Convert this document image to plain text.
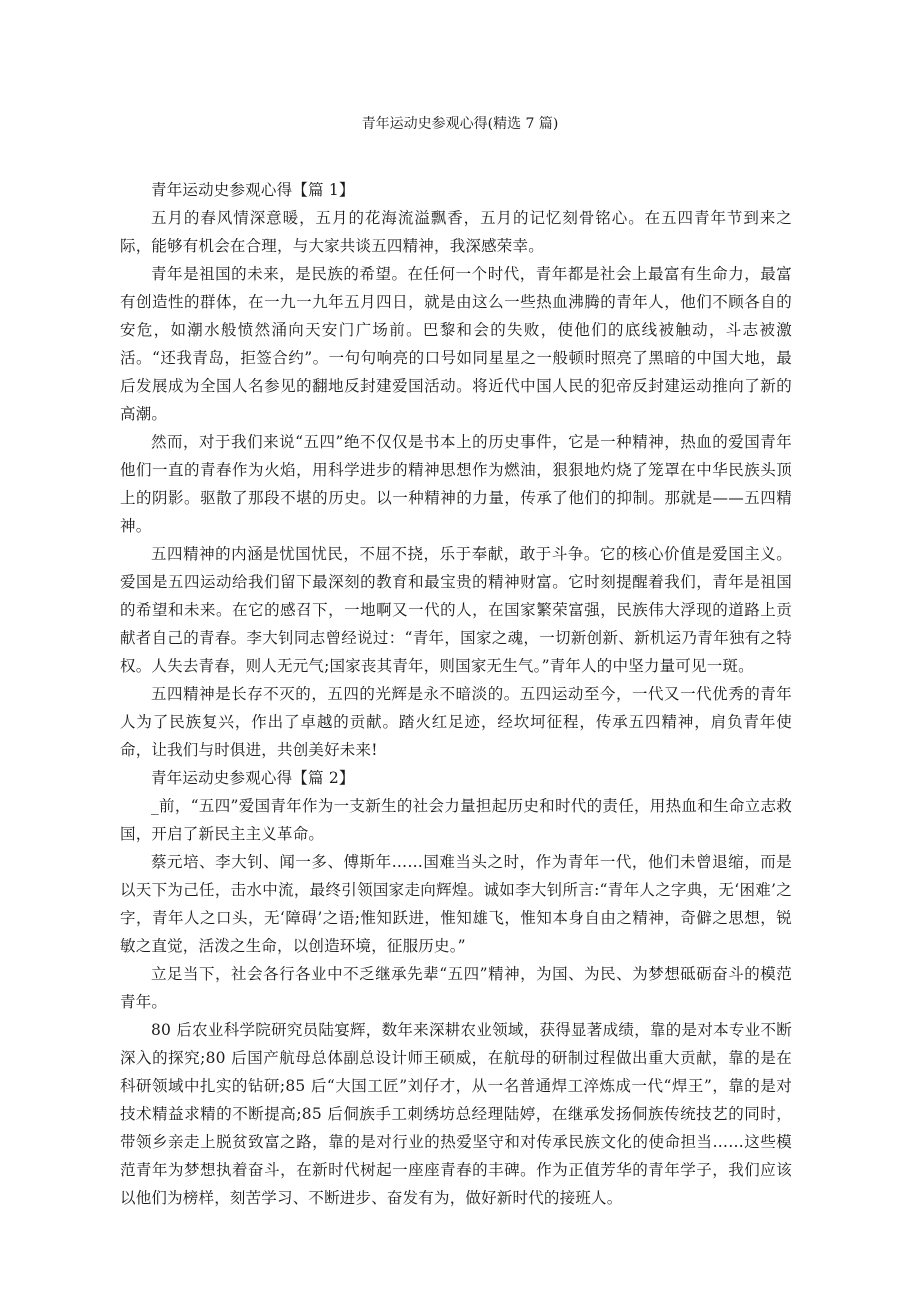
青年运动史参观心得(精选 7 篇)

青年运动史参观心得【篇 1】

五月的春风情深意暖，五月的花海流溢飘香，五月的记忆刻骨铭心。在五四青年节到来之际，能够有机会在合理，与大家共谈五四精神，我深感荣幸。

青年是祖国的未来，是民族的希望。在任何一个时代，青年都是社会上最富有生命力，最富有创造性的群体，在一九一九年五月四日，就是由这么一些热血沸腾的青年人，他们不顾各自的安危，如潮水般愤然涌向天安门广场前。巴黎和会的失败，使他们的底线被触动，斗志被激活。“还我青岛，拒签合约”。一句句响亮的口号如同星星之一般顿时照亮了黑暗的中国大地，最后发展成为全国人名参见的翻地反封建爱国活动。将近代中国人民的犯帝反封建运动推向了新的高潮。

然而，对于我们来说“五四”绝不仅仅是书本上的历史事件，它是一种精神，热血的爱国青年他们一直的青春作为火焰，用科学进步的精神思想作为燃油，狠狠地灼烧了笼罩在中华民族头顶上的阴影。驱散了那段不堪的历史。以一种精神的力量，传承了他们的抑制。那就是——五四精神。

五四精神的内涵是忧国忧民，不屈不挠，乐于奉献，敢于斗争。它的核心价值是爱国主义。爱国是五四运动给我们留下最深刻的教育和最宝贵的精神财富。它时刻提醒着我们，青年是祖国的希望和未来。在它的感召下，一地啊又一代的人，在国家繁荣富强，民族伟大浮现的道路上贡献者自己的青春。李大钊同志曾经说过：“青年，国家之魂，一切新创新、新机运乃青年独有之特权。人失去青春，则人无元气;国家丧其青年，则国家无生气。”青年人的中坚力量可见一斑。

五四精神是长存不灭的，五四的光辉是永不暗淡的。五四运动至今，一代又一代优秀的青年人为了民族复兴，作出了卓越的贡献。踏火红足迹，经坎坷征程，传承五四精神，肩负青年使命，让我们与时俱进，共创美好未来!

青年运动史参观心得【篇 2】

_前，“五四”爱国青年作为一支新生的社会力量担起历史和时代的责任，用热血和生命立志救国，开启了新民主主义革命。

蔡元培、李大钊、闻一多、傅斯年……国难当头之时，作为青年一代，他们未曾退缩，而是以天下为己任，击水中流，最终引领国家走向辉煌。诚如李大钊所言:“青年人之字典，无‘困难’之字，青年人之口头，无‘障碍’之语;惟知跃进，惟知雄飞，惟知本身自由之精神，奇僻之思想，锐敏之直觉，活泼之生命，以创造环境，征服历史。”

立足当下，社会各行各业中不乏继承先辈“五四”精神，为国、为民、为梦想砥砺奋斗的模范青年。

80 后农业科学院研究员陆宴辉，数年来深耕农业领域，获得显著成绩，靠的是对本专业不断深入的探究;80 后国产航母总体副总设计师王硕威，在航母的研制过程做出重大贡献，靠的是在科研领域中扎实的钻研;85 后“大国工匠”刘仔才，从一名普通焊工淬炼成一代“焊王”，靠的是对技术精益求精的不断提高;85 后侗族手工刺绣坊总经理陆婷，在继承发扬侗族传统技艺的同时，带领乡亲走上脱贫致富之路，靠的是对行业的热爱坚守和对传承民族文化的使命担当……这些模范青年为梦想执着奋斗，在新时代树起一座座青春的丰碑。作为正值芳华的青年学子，我们应该以他们为榜样，刻苦学习、不断进步、奋发有为，做好新时代的接班人。
